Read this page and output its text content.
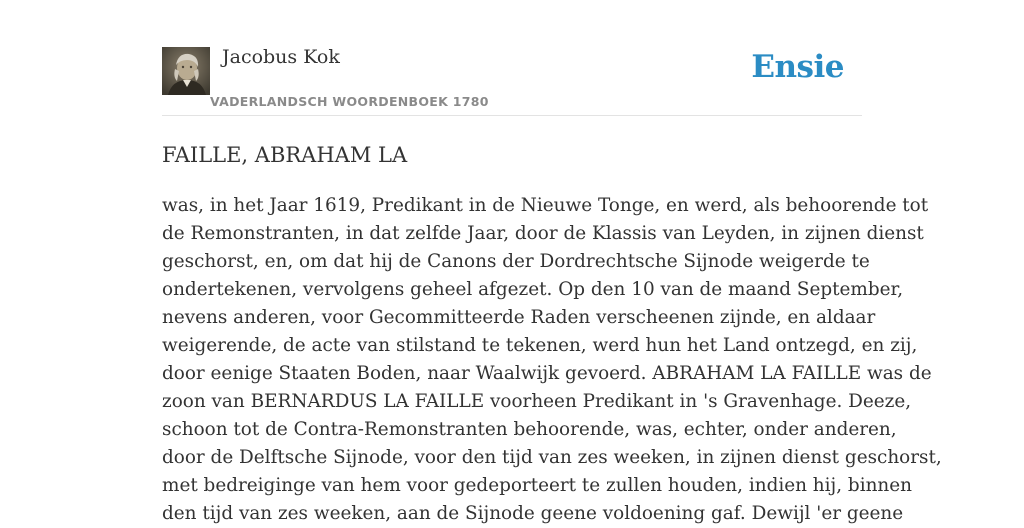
Jacobus Kok
VADERLANDSCH WOORDENBOEK 1780
Ensie
FAILLE, ABRAHAM LA
was, in het Jaar 1619, Predikant in de Nieuwe Tonge, en werd, als behoorende tot
de Remonstranten, in dat zelfde Jaar, door de Klassis van Leyden, in zijnen dienst
geschorst, en, om dat hij de Canons der Dordrechtsche Sijnode weigerde te
ondertekenen, vervolgens geheel afgezet. Op den 10 van de maand September,
nevens anderen, voor Gecommitteerde Raden verscheenen zijnde, en aldaar
weigerende, de acte van stilstand te tekenen, werd hun het Land ontzegd, en zij,
door eenige Staaten Boden, naar Waalwijk gevoerd. ABRAHAM LA FAILLE was de
zoon van BERNARDUS LA FAILLE voorheen Predikant in 's Gravenhage. Deeze,
schoon tot de Contra-Remonstranten behoorende, was, echter, onder anderen,
door de Delftsche Sijnode, voor den tijd van zes weeken, in zijnen dienst geschorst,
met bedreiginge van hem voor gedeporteert te zullen houden, indien hij, binnen
den tijd van zes weeken, aan de Sijnode geene voldoening gaf. Dewijl 'er geene
